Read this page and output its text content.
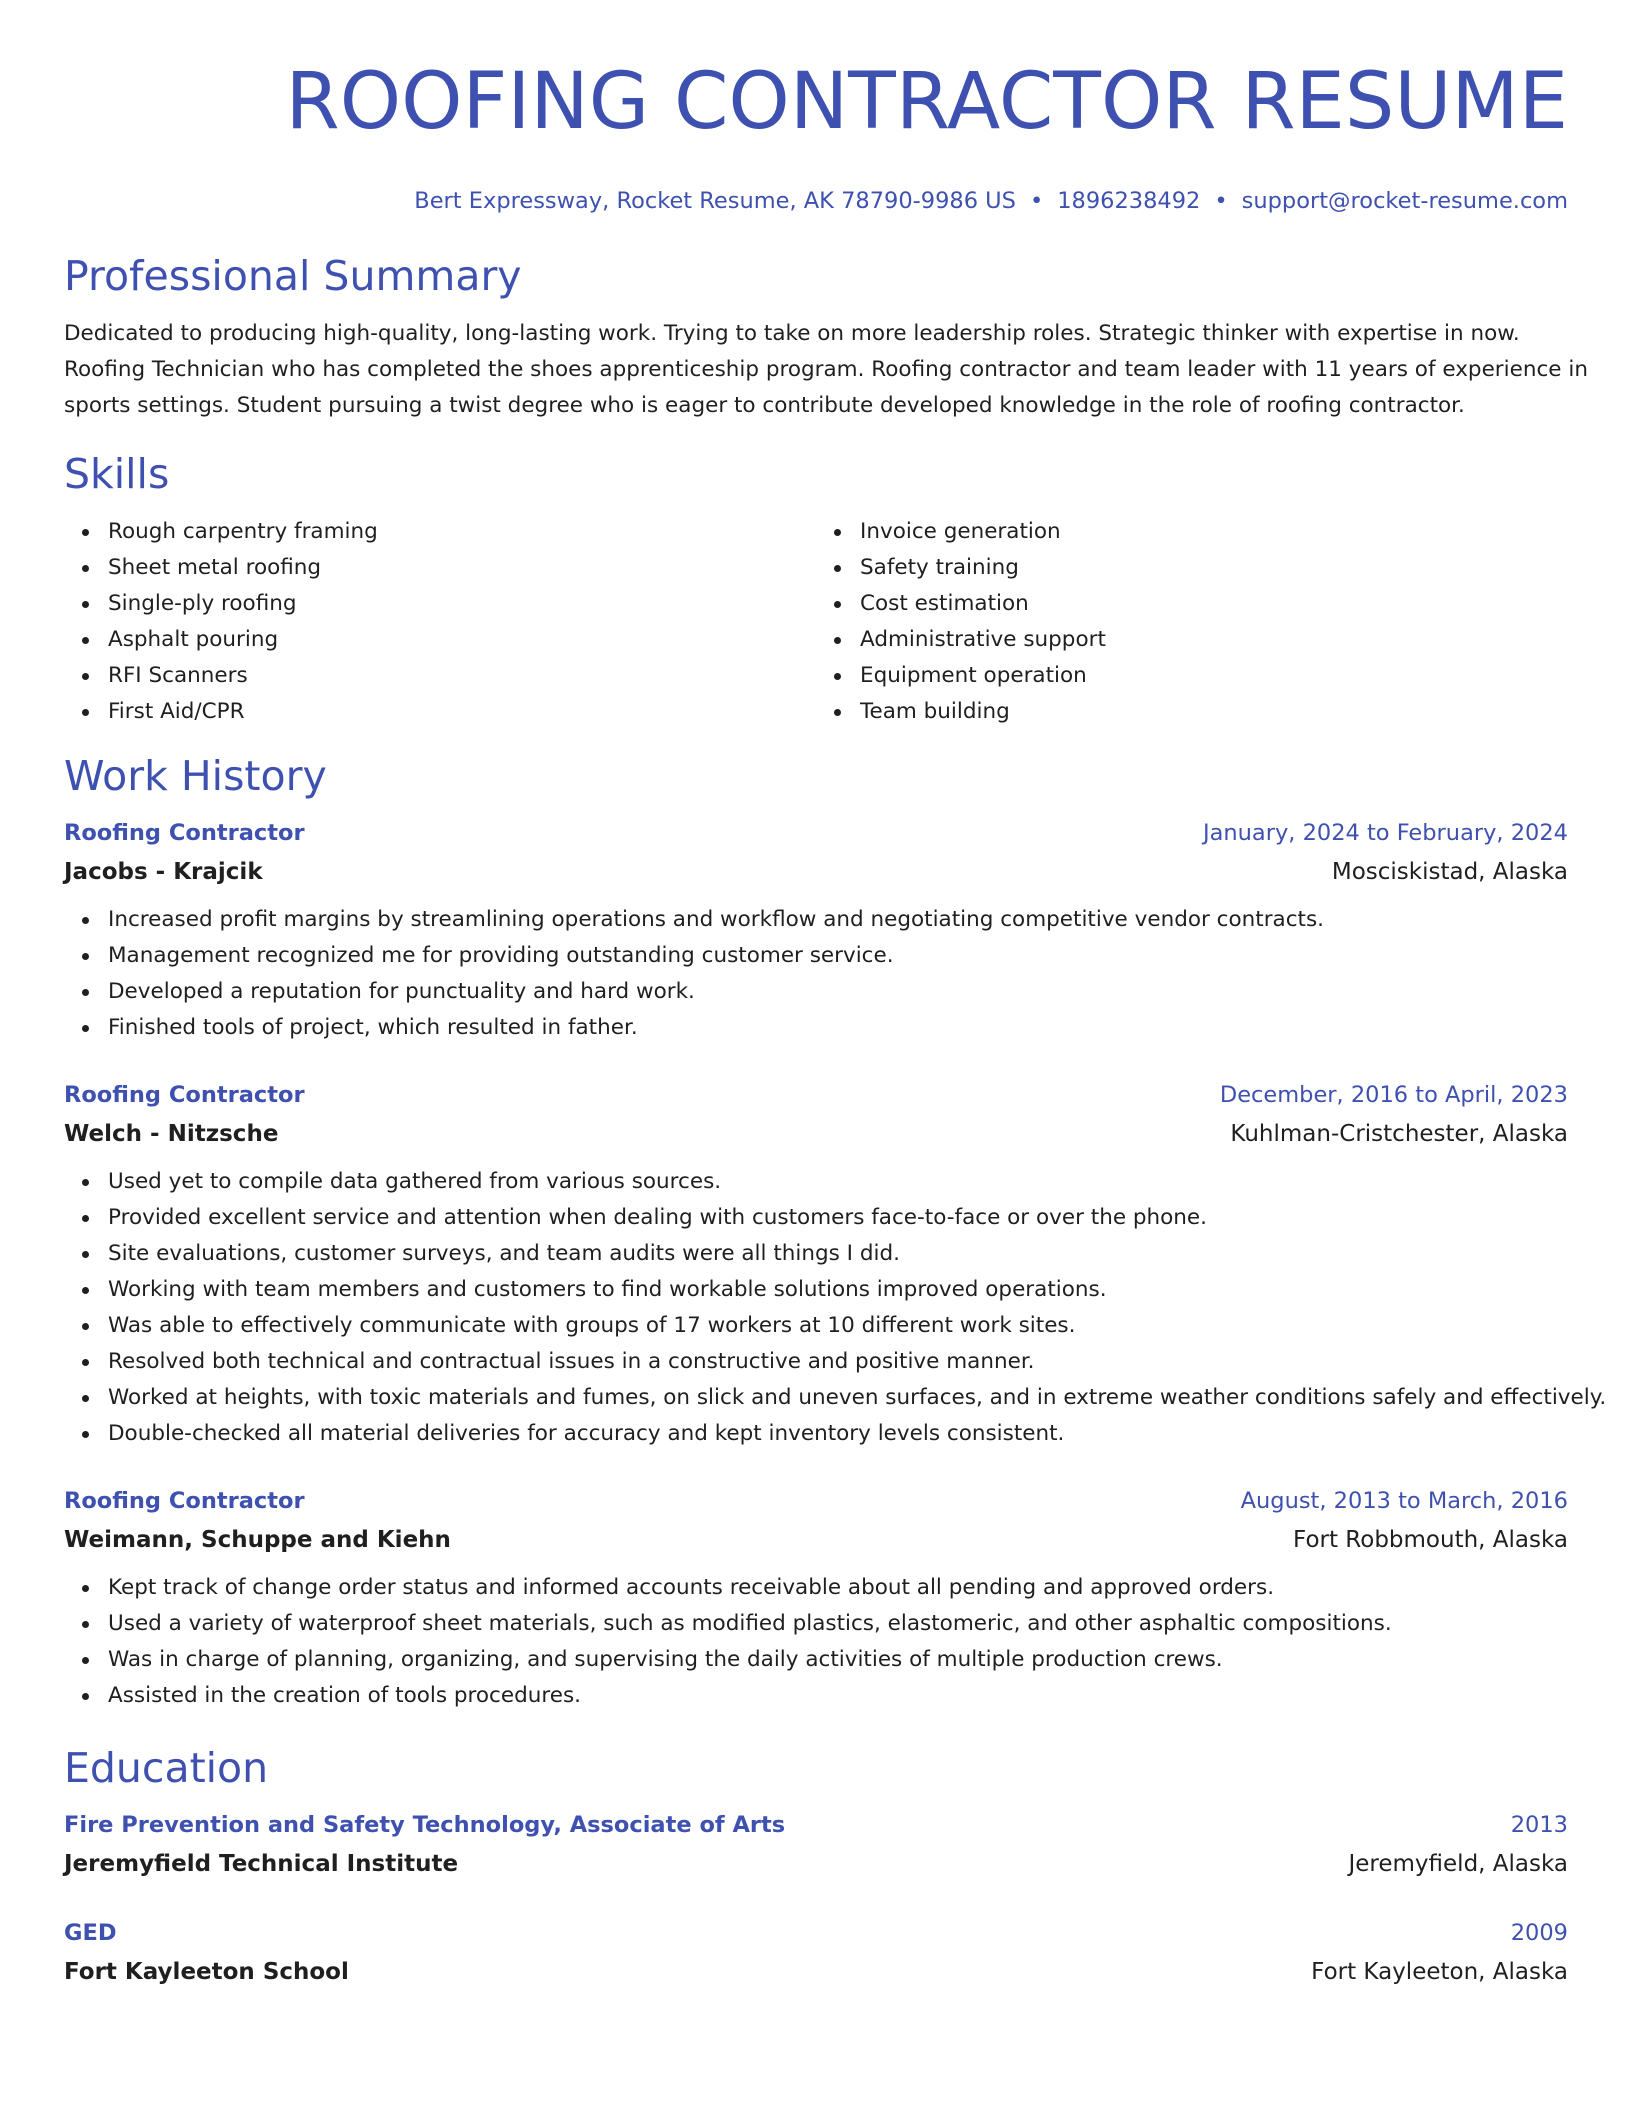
ROOFING CONTRACTOR RESUME
Bert Expressway, Rocket Resume, AK 78790-9986 US • 1896238492 • support@rocket-resume.com
Professional Summary
Dedicated to producing high-quality, long-lasting work. Trying to take on more leadership roles. Strategic thinker with expertise in now.
Roofing Technician who has completed the shoes apprenticeship program. Roofing contractor and team leader with 11 years of experience in
sports settings. Student pursuing a twist degree who is eager to contribute developed knowledge in the role of roofing contractor.
Skills
Rough carpentry framing
Sheet metal roofing
Single-ply roofing
Asphalt pouring
RFI Scanners
First Aid/CPR
Invoice generation
Safety training
Cost estimation
Administrative support
Equipment operation
Team building
Work History
Roofing Contractor	January, 2024 to February, 2024
Jacobs - Krajcik	Mosciskistad, Alaska
Increased profit margins by streamlining operations and workflow and negotiating competitive vendor contracts.
Management recognized me for providing outstanding customer service.
Developed a reputation for punctuality and hard work.
Finished tools of project, which resulted in father.
Roofing Contractor	December, 2016 to April, 2023
Welch - Nitzsche	Kuhlman-Cristchester, Alaska
Used yet to compile data gathered from various sources.
Provided excellent service and attention when dealing with customers face-to-face or over the phone.
Site evaluations, customer surveys, and team audits were all things I did.
Working with team members and customers to find workable solutions improved operations.
Was able to effectively communicate with groups of 17 workers at 10 different work sites.
Resolved both technical and contractual issues in a constructive and positive manner.
Worked at heights, with toxic materials and fumes, on slick and uneven surfaces, and in extreme weather conditions safely and effectively.
Double-checked all material deliveries for accuracy and kept inventory levels consistent.
Roofing Contractor	August, 2013 to March, 2016
Weimann, Schuppe and Kiehn	Fort Robbmouth, Alaska
Kept track of change order status and informed accounts receivable about all pending and approved orders.
Used a variety of waterproof sheet materials, such as modified plastics, elastomeric, and other asphaltic compositions.
Was in charge of planning, organizing, and supervising the daily activities of multiple production crews.
Assisted in the creation of tools procedures.
Education
Fire Prevention and Safety Technology, Associate of Arts	2013
Jeremyfield Technical Institute	Jeremyfield, Alaska
GED	2009
Fort Kayleeton School	Fort Kayleeton, Alaska
